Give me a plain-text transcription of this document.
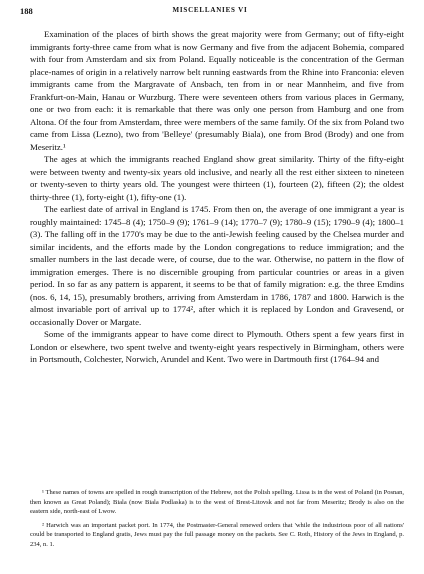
188	MISCELLANIES VI

Examination of the places of birth shows the great majority were from Germany; out of fifty-eight immigrants forty-three came from what is now Germany and five from the adjacent Bohemia, compared with four from Amsterdam and six from Poland. Equally noticeable is the concentration of the German place-names of origin in a relatively narrow belt running eastwards from the Rhine into Franconia: eleven immigrants came from the Margravate of Ansbach, ten from in or near Mannheim, and five from Frankfurt-on-Main, Hanau or Wurzburg. There were seventeen others from various places in Germany, one or two from each: it is remarkable that there was only one person from Hamburg and one from Altona. Of the four from Amsterdam, three were members of the same family. Of the six from Poland two came from Lissa (Lezno), two from 'Belleye' (presumably Biala), one from Brod (Brody) and one from Meseritz.¹

The ages at which the immigrants reached England show great similarity. Thirty of the fifty-eight were between twenty and twenty-six years old inclusive, and nearly all the rest either sixteen to nineteen or twenty-seven to thirty years old. The youngest were thirteen (1), fourteen (2), fifteen (2); the oldest thirty-three (1), forty-eight (1), fifty-one (1).

The earliest date of arrival in England is 1745. From then on, the average of one immigrant a year is roughly maintained: 1745–8 (4); 1750–9 (9); 1761–9 (14); 1770–7 (9); 1780–9 (15); 1790–9 (4); 1800–1 (3). The falling off in the 1770's may be due to the anti-Jewish feeling caused by the Chelsea murder and similar incidents, and the efforts made by the London congregations to reduce immigration; and the smaller numbers in the last decade were, of course, due to the war. Otherwise, no pattern in the flow of immigration emerges. There is no discernible grouping from particular countries or areas in a given period. In so far as any pattern is apparent, it seems to be that of family migration: e.g. the three Emdins (nos. 6, 14, 15), presumably brothers, arriving from Amsterdam in 1786, 1787 and 1800. Harwich is the almost invariable port of arrival up to 1774², after which it is replaced by London and Gravesend, or occasionally Dover or Margate.

Some of the immigrants appear to have come direct to Plymouth. Others spent a few years first in London or elsewhere, two spent twelve and twenty-eight years respectively in Birmingham, others were in Portsmouth, Colchester, Norwich, Arundel and Kent. Two were in Dartmouth first (1764–94 and

¹ These names of towns are spelled in rough transcription of the Hebrew, not the Polish spelling. Lissa is in the west of Poland (in Posnan, then known as Great Poland); Biala (now Biala Podlaska) is to the west of Brest-Litovsk and not far from Meseritz; Brody is also on the eastern side, north-east of Lwow.

² Harwich was an important packet port. In 1774, the Postmaster-General renewed orders that 'while the industrious poor of all nations' could be transported to England gratis, Jews must pay the full passage money on the packets. See C. Roth, History of the Jews in England, p. 234, n. 1.
